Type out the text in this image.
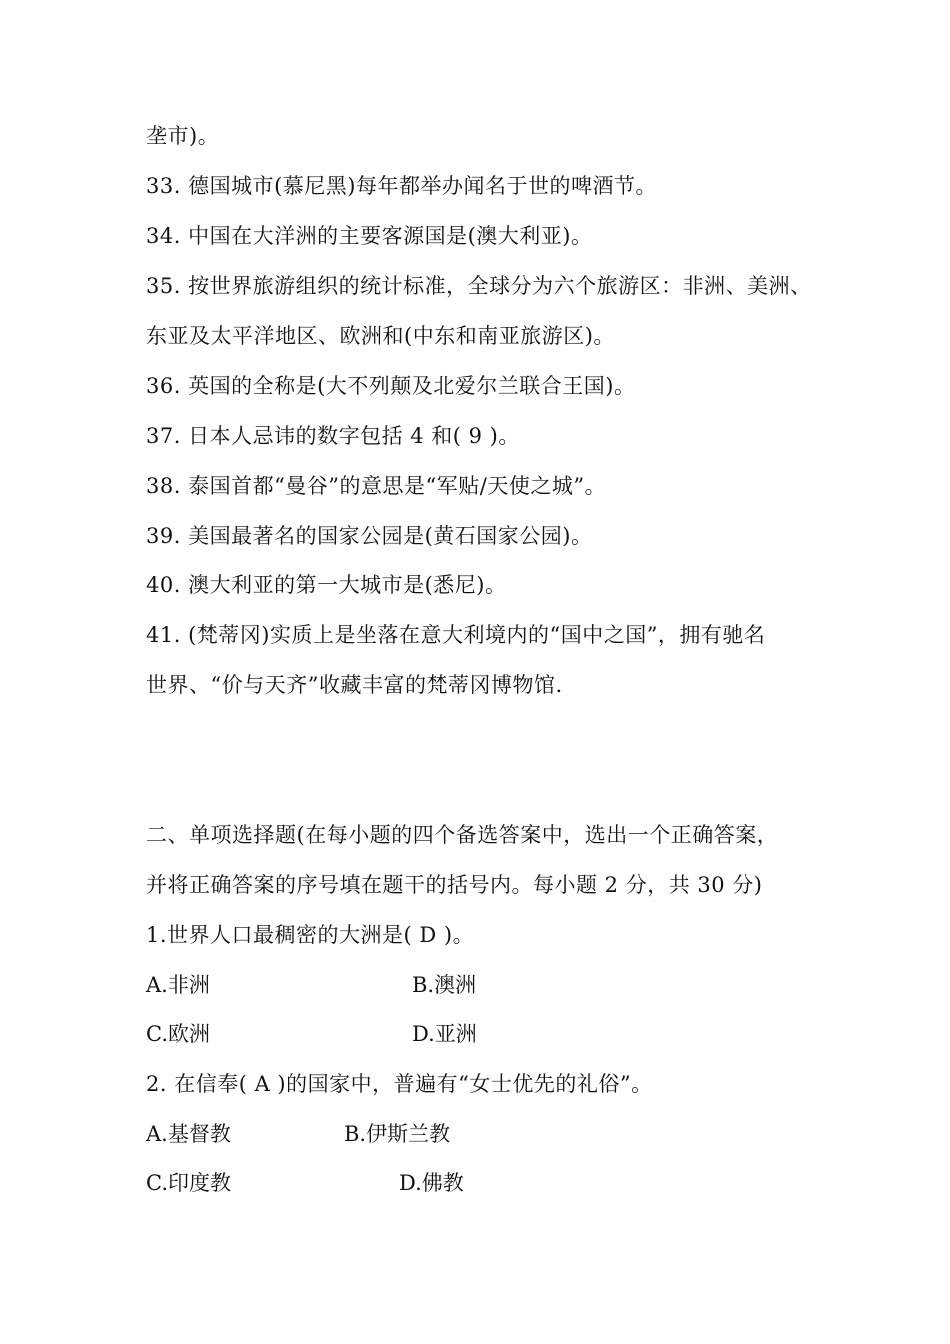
垄市)。
33. 德国城市(慕尼黑)每年都举办闻名于世的啤酒节。
34. 中国在大洋洲的主要客源国是(澳大利亚)。
35. 按世界旅游组织的统计标准，全球分为六个旅游区：非洲、美洲、
东亚及太平洋地区、欧洲和(中东和南亚旅游区)。
36. 英国的全称是(大不列颠及北爱尔兰联合王国)。
37. 日本人忌讳的数字包括 4 和( 9 )。
38. 泰国首都“曼谷”的意思是“军贴/天使之城”。
39. 美国最著名的国家公园是(黄石国家公园)。
40. 澳大利亚的第一大城市是(悉尼)。
41. (梵蒂冈)实质上是坐落在意大利境内的“国中之国”，拥有驰名
世界、“价与天齐”收藏丰富的梵蒂冈博物馆.
二、单项选择题(在每小题的四个备选答案中，选出一个正确答案，
并将正确答案的序号填在题干的括号内。每小题 2 分，共 30 分)
1.世界人口最稠密的大洲是( D )。
A.非洲	B.澳洲
C.欧洲	D.亚洲
2. 在信奉( A )的国家中，普遍有“女士优先的礼俗”。
A.基督教	B.伊斯兰教
C.印度教	D.佛教
